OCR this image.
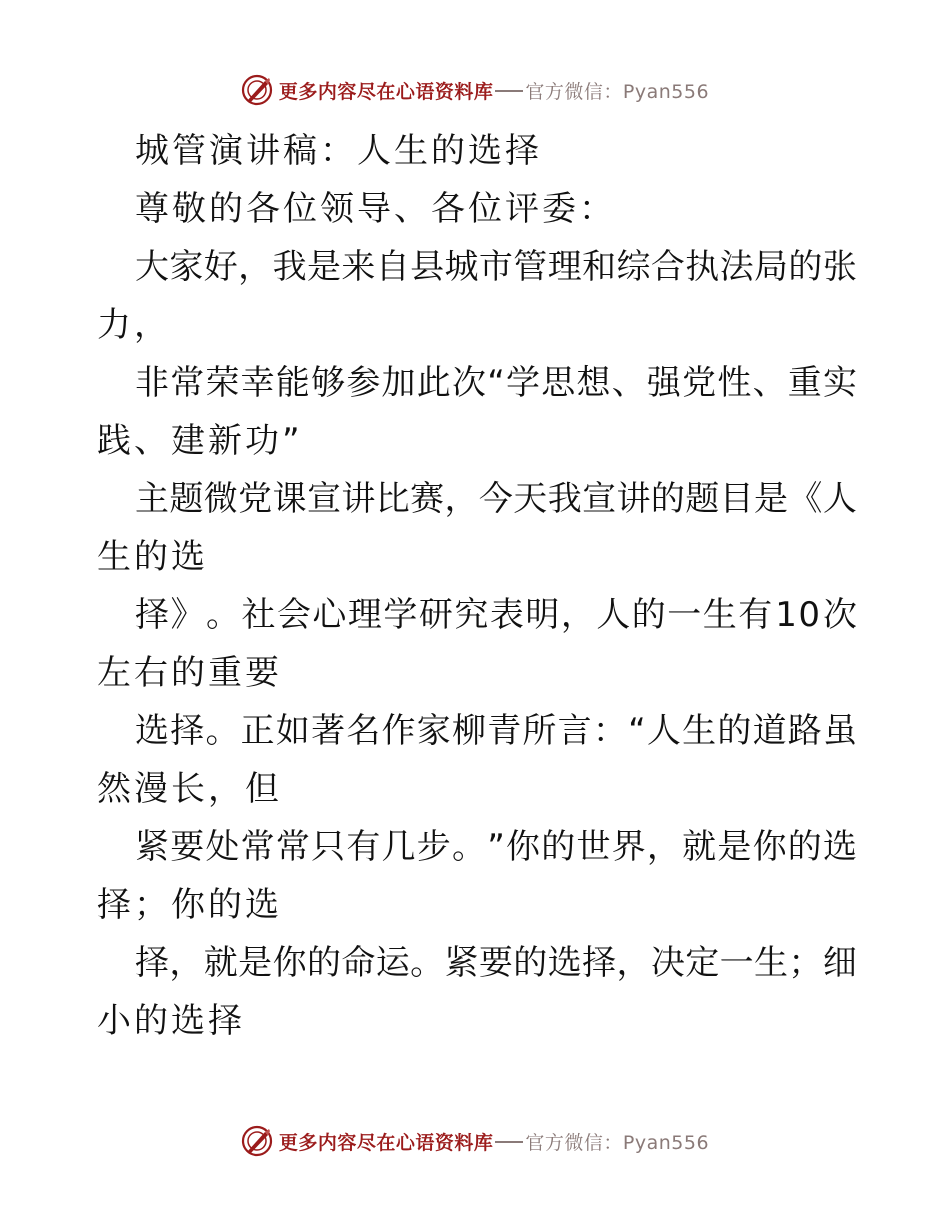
更多内容尽在心语资料库 官方微信：Pyan556
城管演讲稿：人生的选择
尊敬的各位领导、各位评委：
大 家 好 ， 我 是 来 自 县 城 市 管 理 和 综 合 执 法 局 的 张
力，
非 常 荣 幸 能 够 参 加 此 次 “ 学 思 想 、 强 党 性 、 重 实
践、建新功”
主 题 微 党 课 宣 讲 比 赛 ， 今 天 我 宣 讲 的 题 目 是 《 人
生的选
择 》 。 社 会 心 理 学 研 究 表 明 ， 人 的 一 生 有 1 0 次
左右的重要
选 择 。 正 如 著 名 作 家 柳 青 所 言 ： “ 人 生 的 道 路 虽
然漫长，但
紧 要 处 常 常 只 有 几 步 。 ” 你 的 世 界 ， 就 是 你 的 选
择；你的选
择 ， 就 是 你 的 命 运 。 紧 要 的 选 择 ， 决 定 一 生 ； 细
小的选择
更多内容尽在心语资料库 官方微信：Pyan556
